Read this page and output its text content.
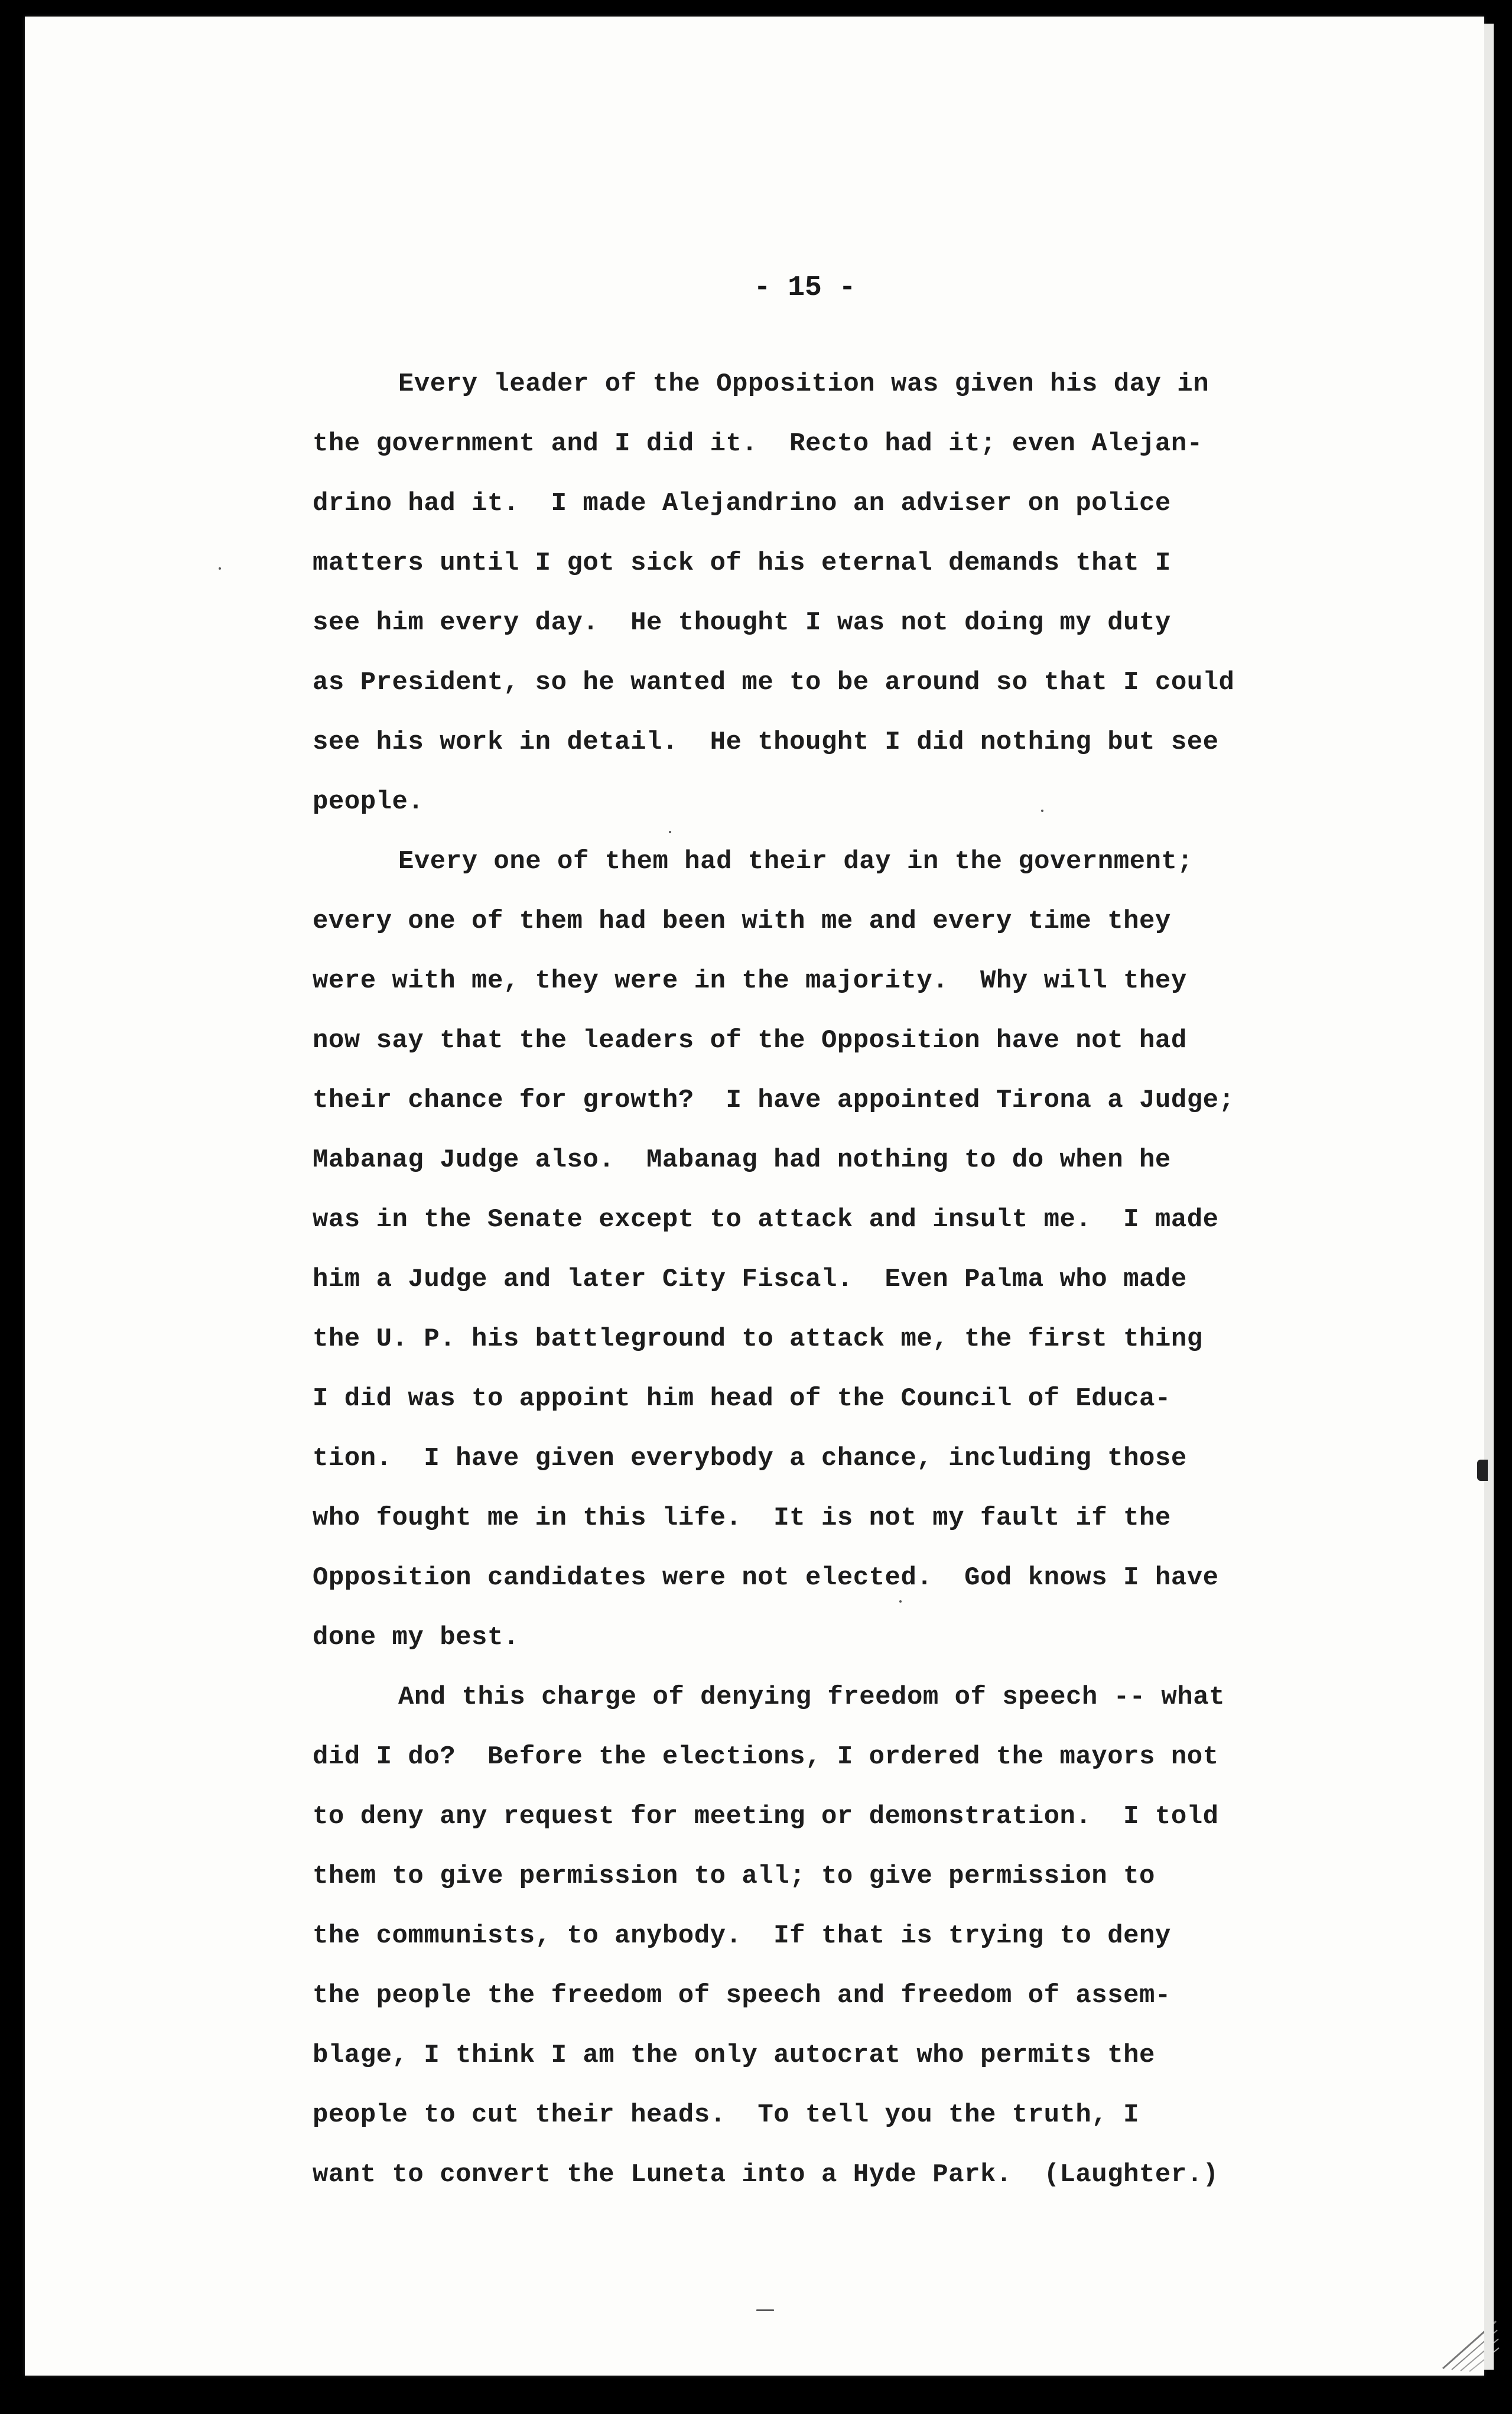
- 15 -
Every leader of the Opposition was given his day in
the government and I did it.  Recto had it; even Alejan-
drino had it.  I made Alejandrino an adviser on police
matters until I got sick of his eternal demands that I
see him every day.  He thought I was not doing my duty
as President, so he wanted me to be around so that I could
see his work in detail.  He thought I did nothing but see
people.
Every one of them had their day in the government;
every one of them had been with me and every time they
were with me, they were in the majority.  Why will they
now say that the leaders of the Opposition have not had
their chance for growth?  I have appointed Tirona a Judge;
Mabanag Judge also.  Mabanag had nothing to do when he
was in the Senate except to attack and insult me.  I made
him a Judge and later City Fiscal.  Even Palma who made
the U. P. his battleground to attack me, the first thing
I did was to appoint him head of the Council of Educa-
tion.  I have given everybody a chance, including those
who fought me in this life.  It is not my fault if the
Opposition candidates were not elected.  God knows I have
done my best.
And this charge of denying freedom of speech -- what
did I do?  Before the elections, I ordered the mayors not
to deny any request for meeting or demonstration.  I told
them to give permission to all; to give permission to
the communists, to anybody.  If that is trying to deny
the people the freedom of speech and freedom of assem-
blage, I think I am the only autocrat who permits the
people to cut their heads.  To tell you the truth, I
want to convert the Luneta into a Hyde Park.  (Laughter.)
